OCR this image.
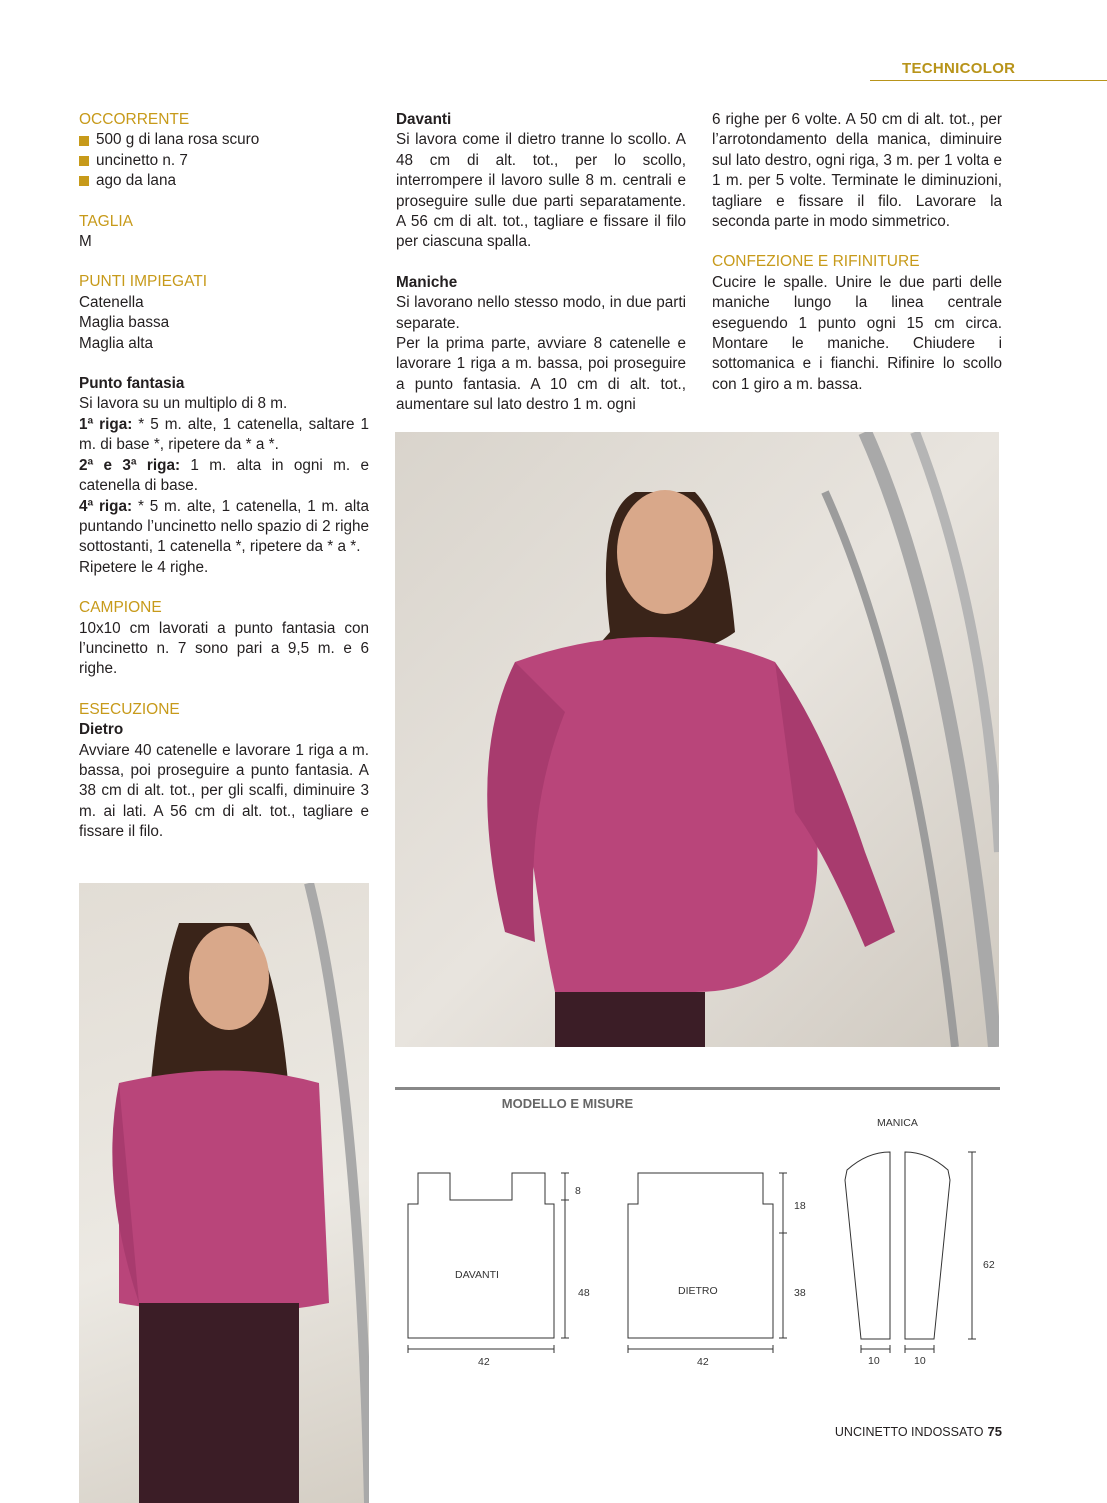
TECHNICOLOR

OCCORRENTE

500 g di lana rosa scuro

uncinetto n. 7

ago da lana

TAGLIA

M

PUNTI IMPIEGATI

Catenella

Maglia bassa

Maglia alta

Punto fantasia

Si lavora su un multiplo di 8 m.

1ª riga: * 5 m. alte, 1 catenella, saltare 1 m. di base *, ripetere da * a *.

2ª e 3ª riga: 1 m. alta in ogni m. e catenella di base.

4ª riga: * 5 m. alte, 1 catenella, 1 m. alta puntando l’uncinetto nello spazio di 2 righe sottostanti, 1 catenella *, ripetere da * a *.

Ripetere le 4 righe.

CAMPIONE

10x10 cm lavorati a punto fantasia con l’uncinetto n. 7 sono pari a 9,5 m. e 6 righe.

ESECUZIONE

Dietro

Avviare 40 catenelle e lavorare 1 riga a m. bassa, poi proseguire a punto fantasia. A 38 cm di alt. tot., per gli scalfi, diminuire 3 m. ai lati. A 56 cm di alt. tot., tagliare e fissare il filo.

Davanti

Si lavora come il dietro tranne lo scollo. A 48 cm di alt. tot., per lo scollo, interrompere il lavoro sulle 8 m. centrali e proseguire sulle due parti separatamente. A 56 cm di alt. tot., tagliare e fissare il filo per ciascuna spalla.

Maniche

Si lavorano nello stesso modo, in due parti separate.

Per la prima parte, avviare 8 catenelle e lavorare 1 riga a m. bassa, poi proseguire a punto fantasia. A 10 cm di alt. tot., aumentare sul lato destro 1 m. ogni

6 righe per 6 volte. A 50 cm di alt. tot., per l’arrotondamento della manica, diminuire sul lato destro, ogni riga, 3 m. per 1 volta e 1 m. per 5 volte. Terminate le diminuzioni, tagliare e fissare il filo. Lavorare la seconda parte in modo simmetrico.

CONFEZIONE E RIFINITURE

Cucire le spalle. Unire le due parti delle maniche lungo la linea centrale eseguendo 1 punto ogni 15 cm circa. Montare le maniche. Chiudere i sottomanica e i fianchi. Rifinire lo scollo con 1 giro a m. bassa.

MODELLO E MISURE
DAVANTI
DIETRO
MANICA
8
48
42
18
38
42
62
10	10
UNCINETTO INDOSSATO 75
